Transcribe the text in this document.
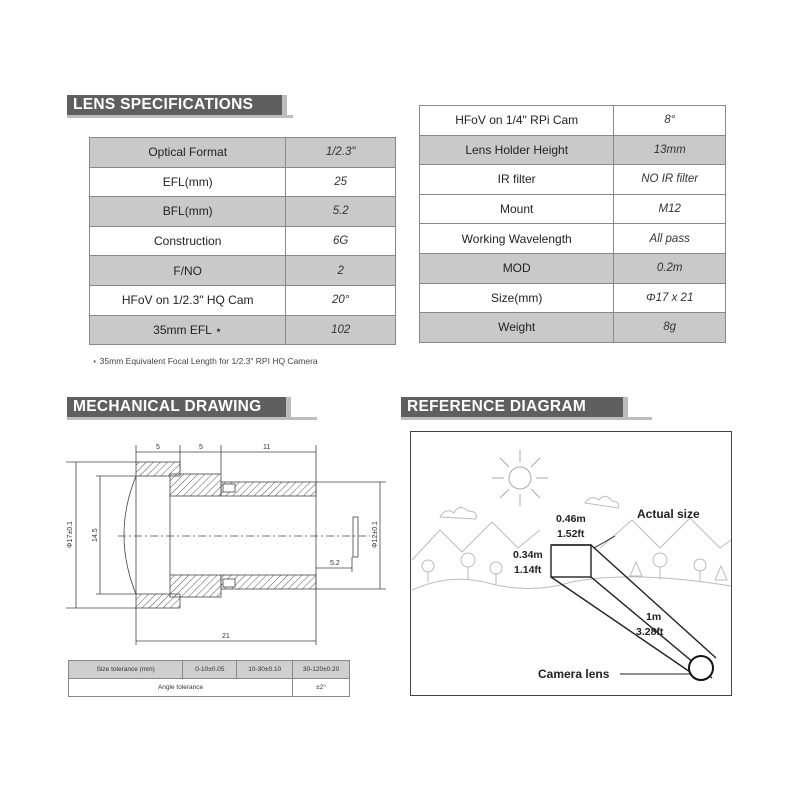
LENS SPECIFICATIONS
Optical Format	1/2.3"
EFL(mm)	25
BFL(mm)	5.2
Construction	6G
F/NO	2
HFoV on 1/2.3" HQ Cam	20°
35mm EFL ⋆	102
HFoV on 1/4" RPi Cam	8°
Lens Holder Height	13mm
IR filter	NO IR filter
Mount	M12
Working Wavelength	All pass
MOD	0.2m
Size(mm)	Φ17 x 21
Weight	8g
⋆ 35mm Equivalent Focal Length for 1/2.3" RPI HQ Camera
MECHANICAL DRAWING	REFERENCE DIAGRAM
5	5	11
Φ17±0.1	14.5	Φ12±0.1
5.2
21
Size tolerance (mm)	0-10±0.05	10-30±0.10	30-120±0.20
Angle tolerance			±2°
0.46m
1.52ft
0.34m
1.14ft
Actual size
1m
3.28ft
Camera lens
